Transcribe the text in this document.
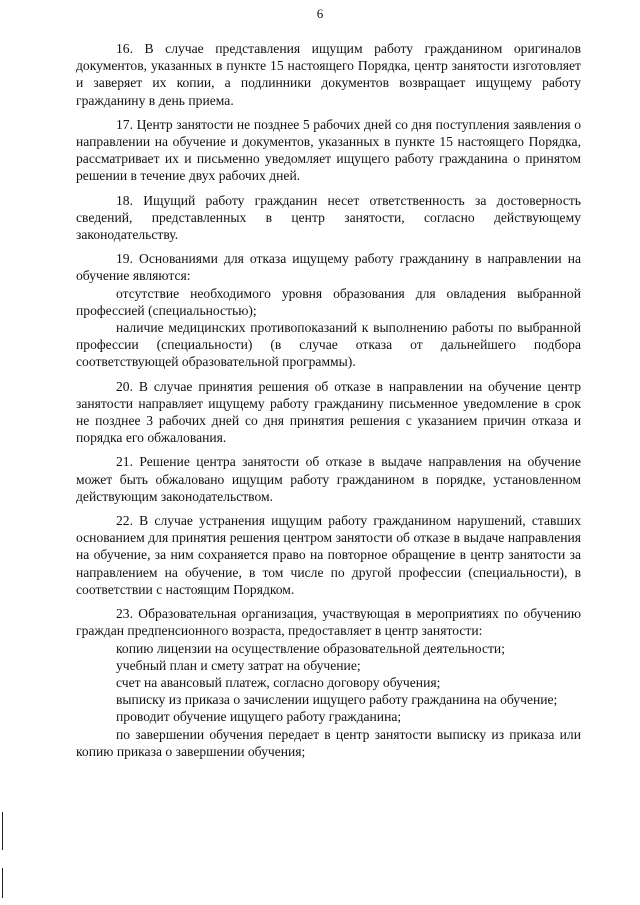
6

16. В случае представления ищущим работу гражданином оригиналов документов, указанных в пункте 15 настоящего Порядка, центр занятости изготовляет и заверяет их копии, а подлинники документов возвращает ищущему работу гражданину в день приема.

17. Центр занятости не позднее 5 рабочих дней со дня поступления заявления о направлении на обучение и документов, указанных в пункте 15 настоящего Порядка, рассматривает их и письменно уведомляет ищущего работу гражданина о принятом решении в течение двух рабочих дней.

18. Ищущий работу гражданин несет ответственность за достоверность сведений, представленных в центр занятости, согласно действующему законодательству.

19. Основаниями для отказа ищущему работу гражданину в направлении на обучение являются:

отсутствие необходимого уровня образования для овладения выбранной профессией (специальностью);

наличие медицинских противопоказаний к выполнению работы по выбранной профессии (специальности) (в случае отказа от дальнейшего подбора соответствующей образовательной программы).

20. В случае принятия решения об отказе в направлении на обучение центр занятости направляет ищущему работу гражданину письменное уведомление в срок не позднее 3 рабочих дней со дня принятия решения с указанием причин отказа и порядка его обжалования.

21. Решение центра занятости об отказе в выдаче направления на обучение может быть обжаловано ищущим работу гражданином в порядке, установленном действующим законодательством.

22. В случае устранения ищущим работу гражданином нарушений, ставших основанием для принятия решения центром занятости об отказе в выдаче направления на обучение, за ним сохраняется право на повторное обращение в центр занятости за направлением на обучение, в том числе по другой профессии (специальности), в соответствии с настоящим Порядком.

23. Образовательная организация, участвующая в мероприятиях по обучению граждан предпенсионного возраста, предоставляет в центр занятости:

копию лицензии на осуществление образовательной деятельности;

учебный план и смету затрат на обучение;

счет на авансовый платеж, согласно договору обучения;

выписку из приказа о зачислении ищущего работу гражданина на обучение;

проводит обучение ищущего работу гражданина;

по завершении обучения передает в центр занятости выписку из приказа или копию приказа о завершении обучения;
